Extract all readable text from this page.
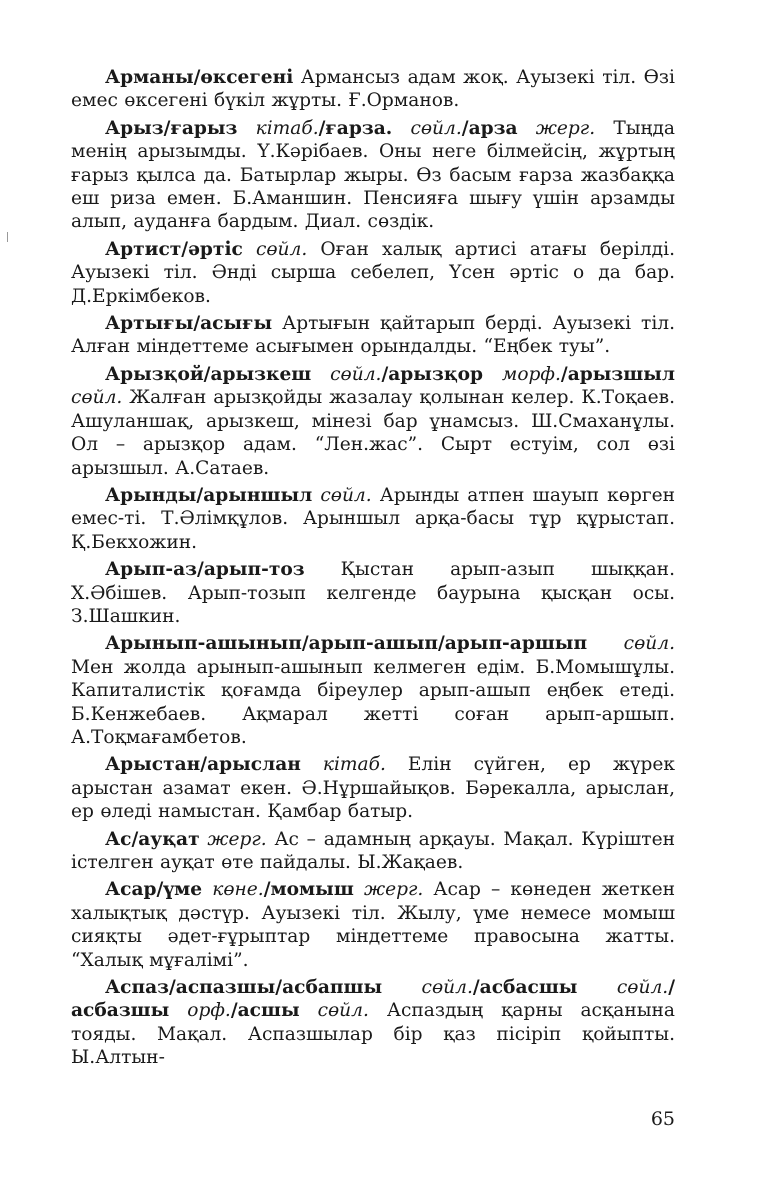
Арманы/өксегені Армансыз адам жоқ. Ауызекі тіл. Өзі емес өксегені бүкіл жұрты. Ғ.Орманов.

Арыз/ғарыз кітаб./ғарза. сөйл./арза жерг. Тыңда менің арызымды. Ү.Кәрібаев. Оны неге білмейсің, жұртың ғарыз қылса да. Батырлар жыры. Өз басым ғарза жазбаққа еш риза емен. Б.Аманшин. Пенсияға шығу үшін арзамды алып, ауданға бардым. Диал. сөздік.

Артист/әртіс сөйл. Оған халық артисі атағы берілді. Ауызекі тіл. Әнді сырша себелеп, Үсен әртіс о да бар. Д.Еркімбеков.

Артығы/асығы Артығын қайтарып берді. Ауызекі тіл. Алған міндеттеме асығымен орындалды. “Еңбек туы”.

Арызқой/арызкеш сөйл./арызқор морф./арызшыл сөйл. Жалған арызқойды жазалау қолынан келер. К.Тоқаев. Ашуланшақ, арызкеш, мінезі бар ұнамсыз. Ш.Смаханұлы. Ол – арызқор адам. “Лен.жас”. Сырт естуім, сол өзі арызшыл. А.Сатаев.

Арынды/арыншыл сөйл. Арынды атпен шауып көрген емес-ті. Т.Әлімқұлов. Арыншыл арқа-басы тұр құрыстап. Қ.Бекхожин.

Арып-аз/арып-тоз Қыстан арып-азып шыққан. Х.Әбішев. Арып-тозып келгенде баурына қысқан осы. З.Шашкин.

Арынып-ашынып/арып-ашып/арып-аршып сөйл. Мен жолда арынып-ашынып келмеген едім. Б.Момышұлы. Капиталистік қоғамда біреулер арып-ашып еңбек етеді. Б.Кенжебаев. Ақмарал жетті соған арып-аршып. А.Тоқмағамбетов.

Арыстан/арыслан кітаб. Елін сүйген, ер жүрек арыстан азамат екен. Ә.Нұршайықов. Бәрекалла, арыслан, ер өледі намыстан. Қамбар батыр.

Ас/ауқат жерг. Ас – адамның арқауы. Мақал. Күріштен істелген ауқат өте пайдалы. Ы.Жақаев.

Асар/үме көне./момыш жерг. Асар – көнеден жеткен халықтық дәстүр. Ауызекі тіл. Жылу, үме немесе момыш сияқты әдет-ғұрыптар міндеттеме правосына жатты. “Халық мұғалімі”.

Аспаз/аспазшы/асбапшы сөйл./асбасшы сөйл./асбазшы орф./асшы сөйл. Аспаздың қарны асқанына тояды. Мақал. Аспазшылар бір қаз пісіріп қойыпты. Ы.Алтын-

65
